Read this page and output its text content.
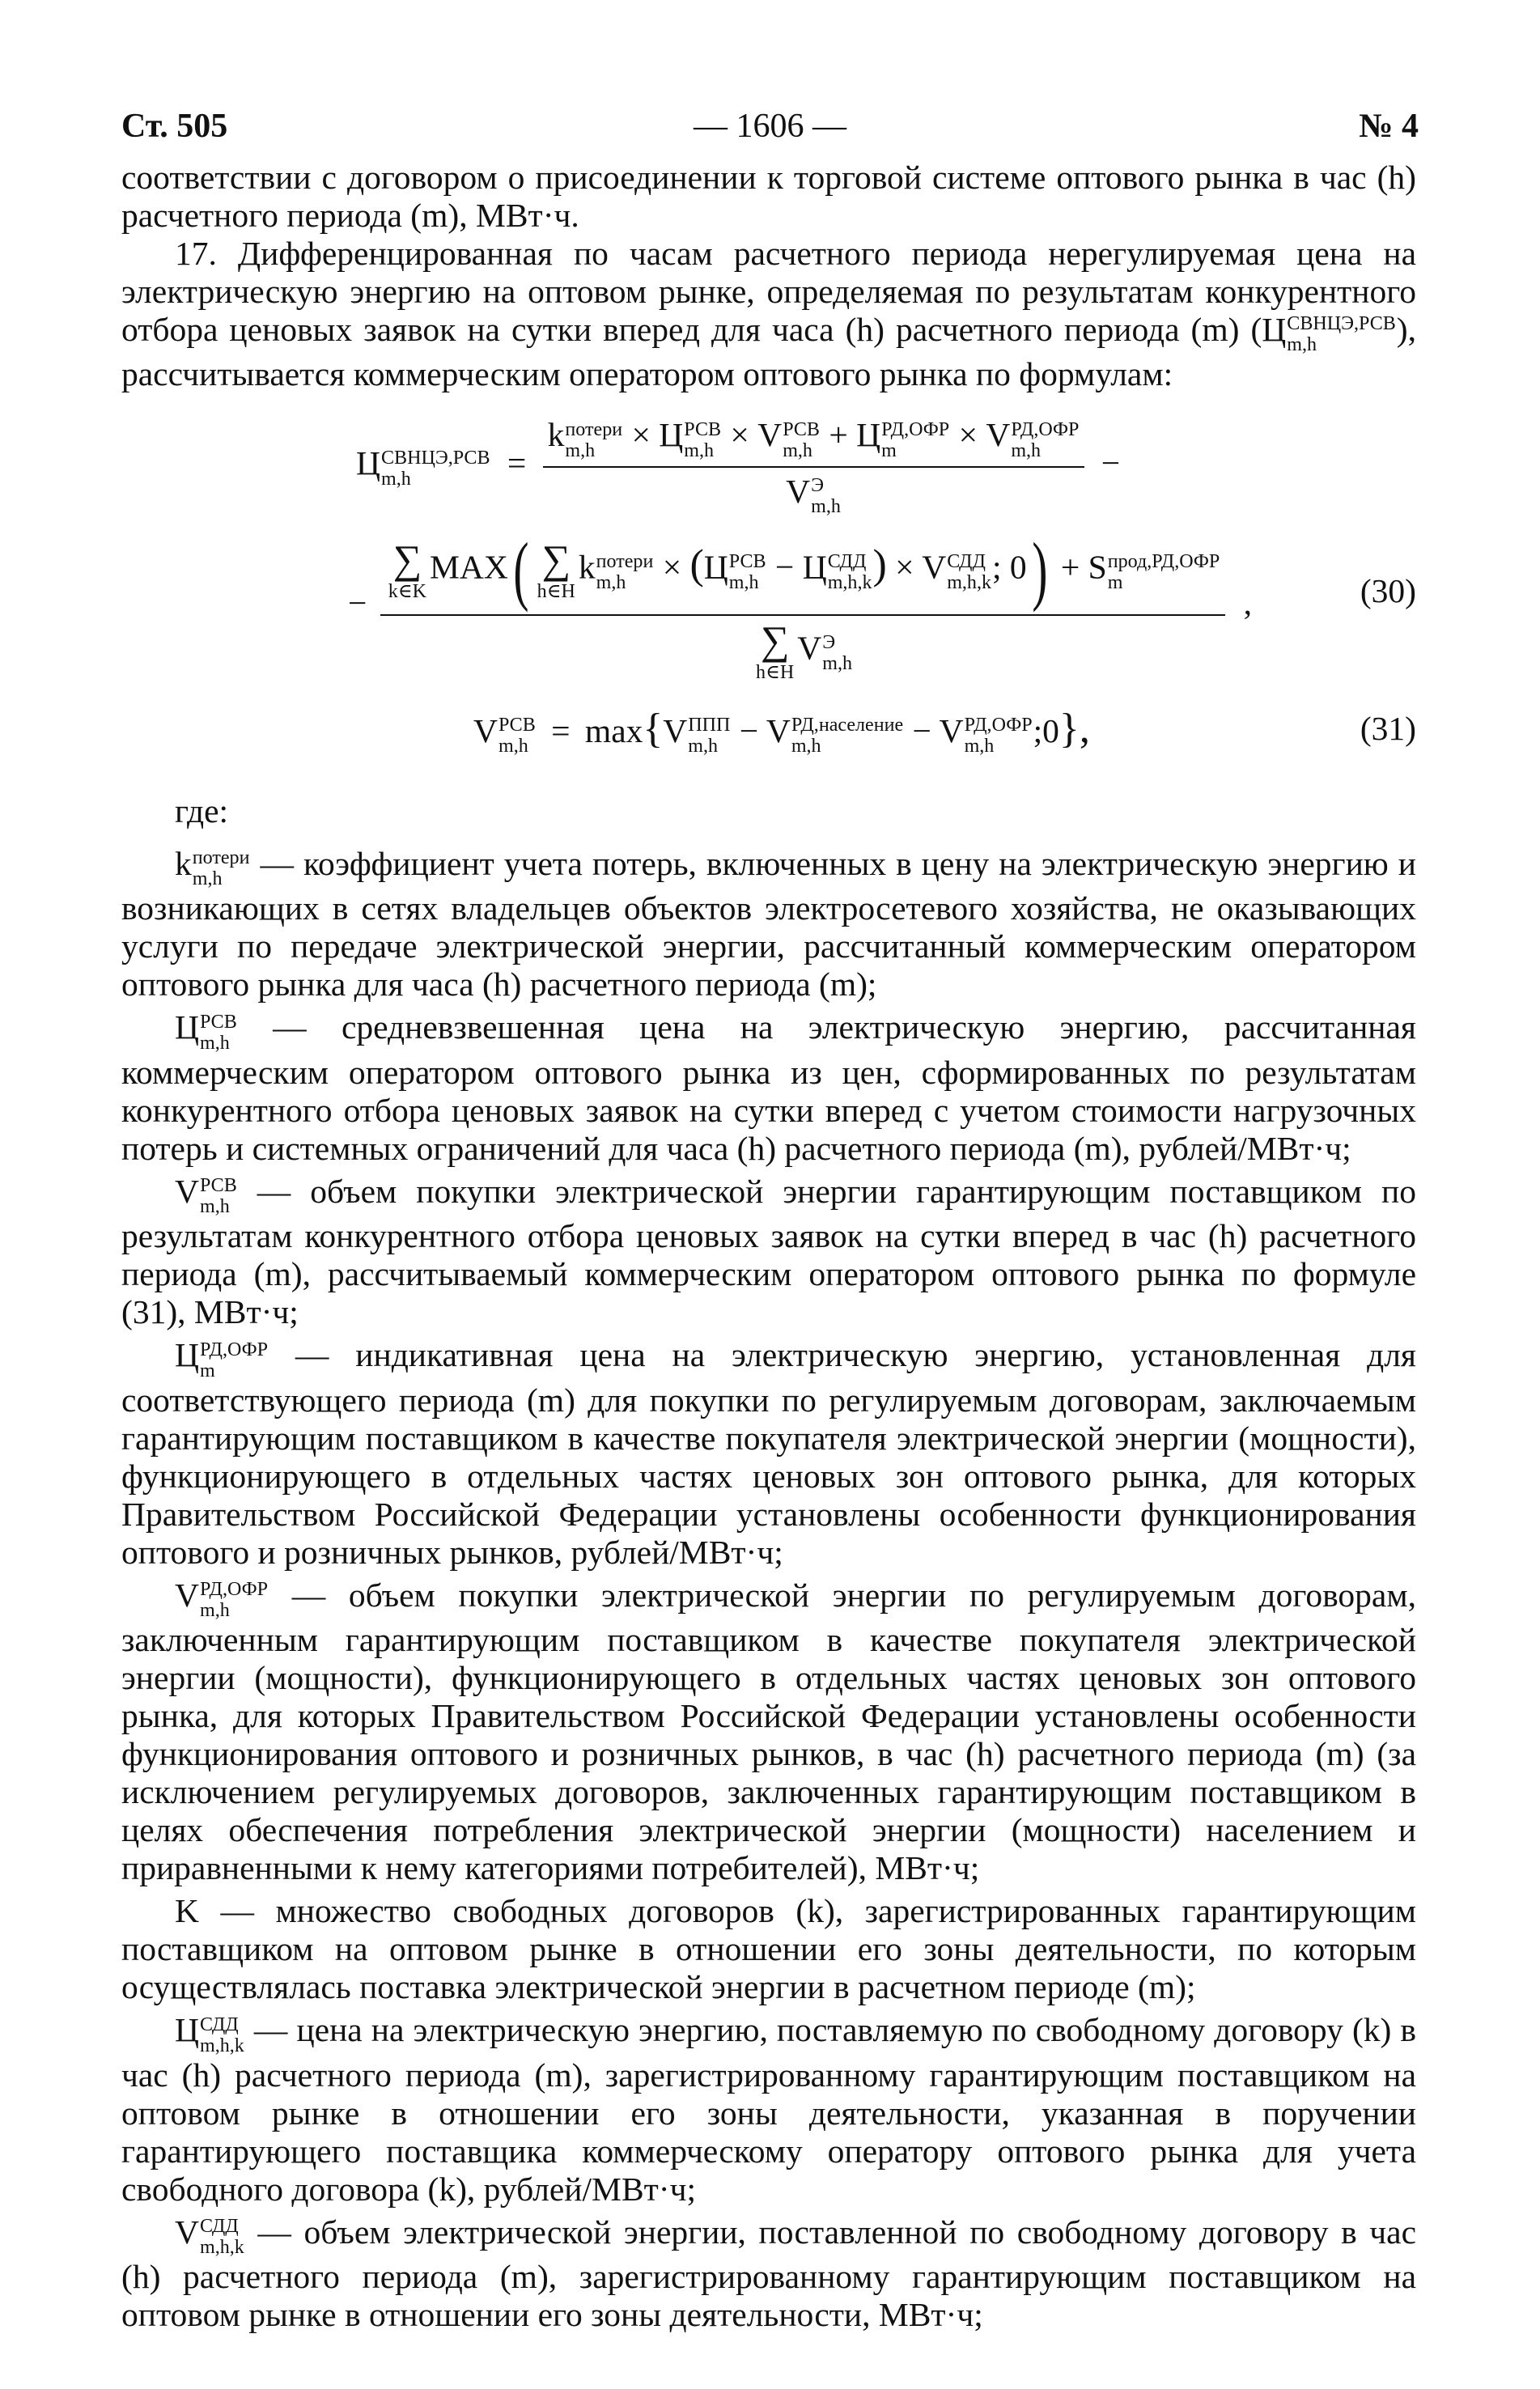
Ст. 505	— 1606 —	№ 4

соответствии с договором о присоединении к торговой системе оптового рынка в час (h) расчетного периода (m), МВт·ч.

17. Дифференцированная по часам расчетного периода нерегулируемая цена на электрическую энергию на оптовом рынке, определяемая по результатам конкурентного отбора ценовых заявок на сутки вперед для часа (h) расчетного периода (m) (Ц СВНЦЭ,РСВ
m,h	), рассчитывается коммерческим оператором оптового рынка по формулам:

Ц СВНЦЭ,РСВ
m,h	=
k потери
m,h	× Ц РСВ
m,h × V РСВ
m,h + Ц РД,ОФР
m	× V РД,ОФР
m,h
V Э
m,h
−
−
∑
k∈K
MAX( ∑
h∈H
k потери
m,h	× (Ц РСВ
m,h − Ц СДД
m,h,k ) × V СДД
m,h,k ; 0) + S прод,РД,ОФР
m
∑
h∈H
V Э
m,h
,	(30)
V РСВ
m,h = max{V ППП
m,h − V РД,население
m,h	− V РД,ОФР
m,h	;0},	(31)
где:

k потери
m,h	— коэффициент учета потерь, включенных в цену на электрическую энергию и возникающих в сетях владельцев объектов электросетевого хозяйства, не оказывающих услуги по передаче электрической энергии, рассчитанный коммерческим оператором оптового рынка для часа (h) расчетного периода (m);

Ц РСВ
m,h — средневзвешенная цена на электрическую энергию, рассчитанная коммерческим оператором оптового рынка из цен, сформированных по результатам конкурентного отбора ценовых заявок на сутки вперед с учетом стоимости нагрузочных потерь и системных ограничений для часа (h) расчетного периода (m), рублей/МВт·ч;

V РСВ
m,h — объем покупки электрической энергии гарантирующим поставщиком по результатам конкурентного отбора ценовых заявок на сутки вперед в час (h) расчетного периода (m), рассчитываемый коммерческим оператором оптового рынка по формуле (31), МВт·ч;

Ц РД,ОФР
m	— индикативная цена на электрическую энергию, установленная для соответствующего периода (m) для покупки по регулируемым договорам, заключаемым гарантирующим поставщиком в качестве покупателя электрической энергии (мощности), функционирующего в отдельных частях ценовых зон оптового рынка, для которых Правительством Российской Федерации установлены особенности функционирования оптового и розничных рынков, рублей/МВт·ч;

V РД,ОФР
m,h	— объем покупки электрической энергии по регулируемым договорам, заключенным гарантирующим поставщиком в качестве покупателя электрической энергии (мощности), функционирующего в отдельных частях ценовых зон оптового рынка, для которых Правительством Российской Федерации установлены особенности функционирования оптового и розничных рынков, в час (h) расчетного периода (m) (за исключением регулируемых договоров, заключенных гарантирующим поставщиком в целях обеспечения потребления электрической энергии (мощности) населением и приравненными к нему категориями потребителей), МВт·ч;

K — множество свободных договоров (k), зарегистрированных гарантирующим поставщиком на оптовом рынке в отношении его зоны деятельности, по которым осуществлялась поставка электрической энергии в расчетном периоде (m);

Ц СДД
m,h,k — цена на электрическую энергию, поставляемую по свободному договору (k) в час (h) расчетного периода (m), зарегистрированному гарантирующим поставщиком на оптовом рынке в отношении его зоны деятельности, указанная в поручении гарантирующего поставщика коммерческому оператору оптового рынка для учета свободного договора (k), рублей/МВт·ч;

V СДД
m,h,k — объем электрической энергии, поставленной по свободному договору в час (h) расчетного периода (m), зарегистрированному гарантирующим поставщиком на оптовом рынке в отношении его зоны деятельности, МВт·ч;
